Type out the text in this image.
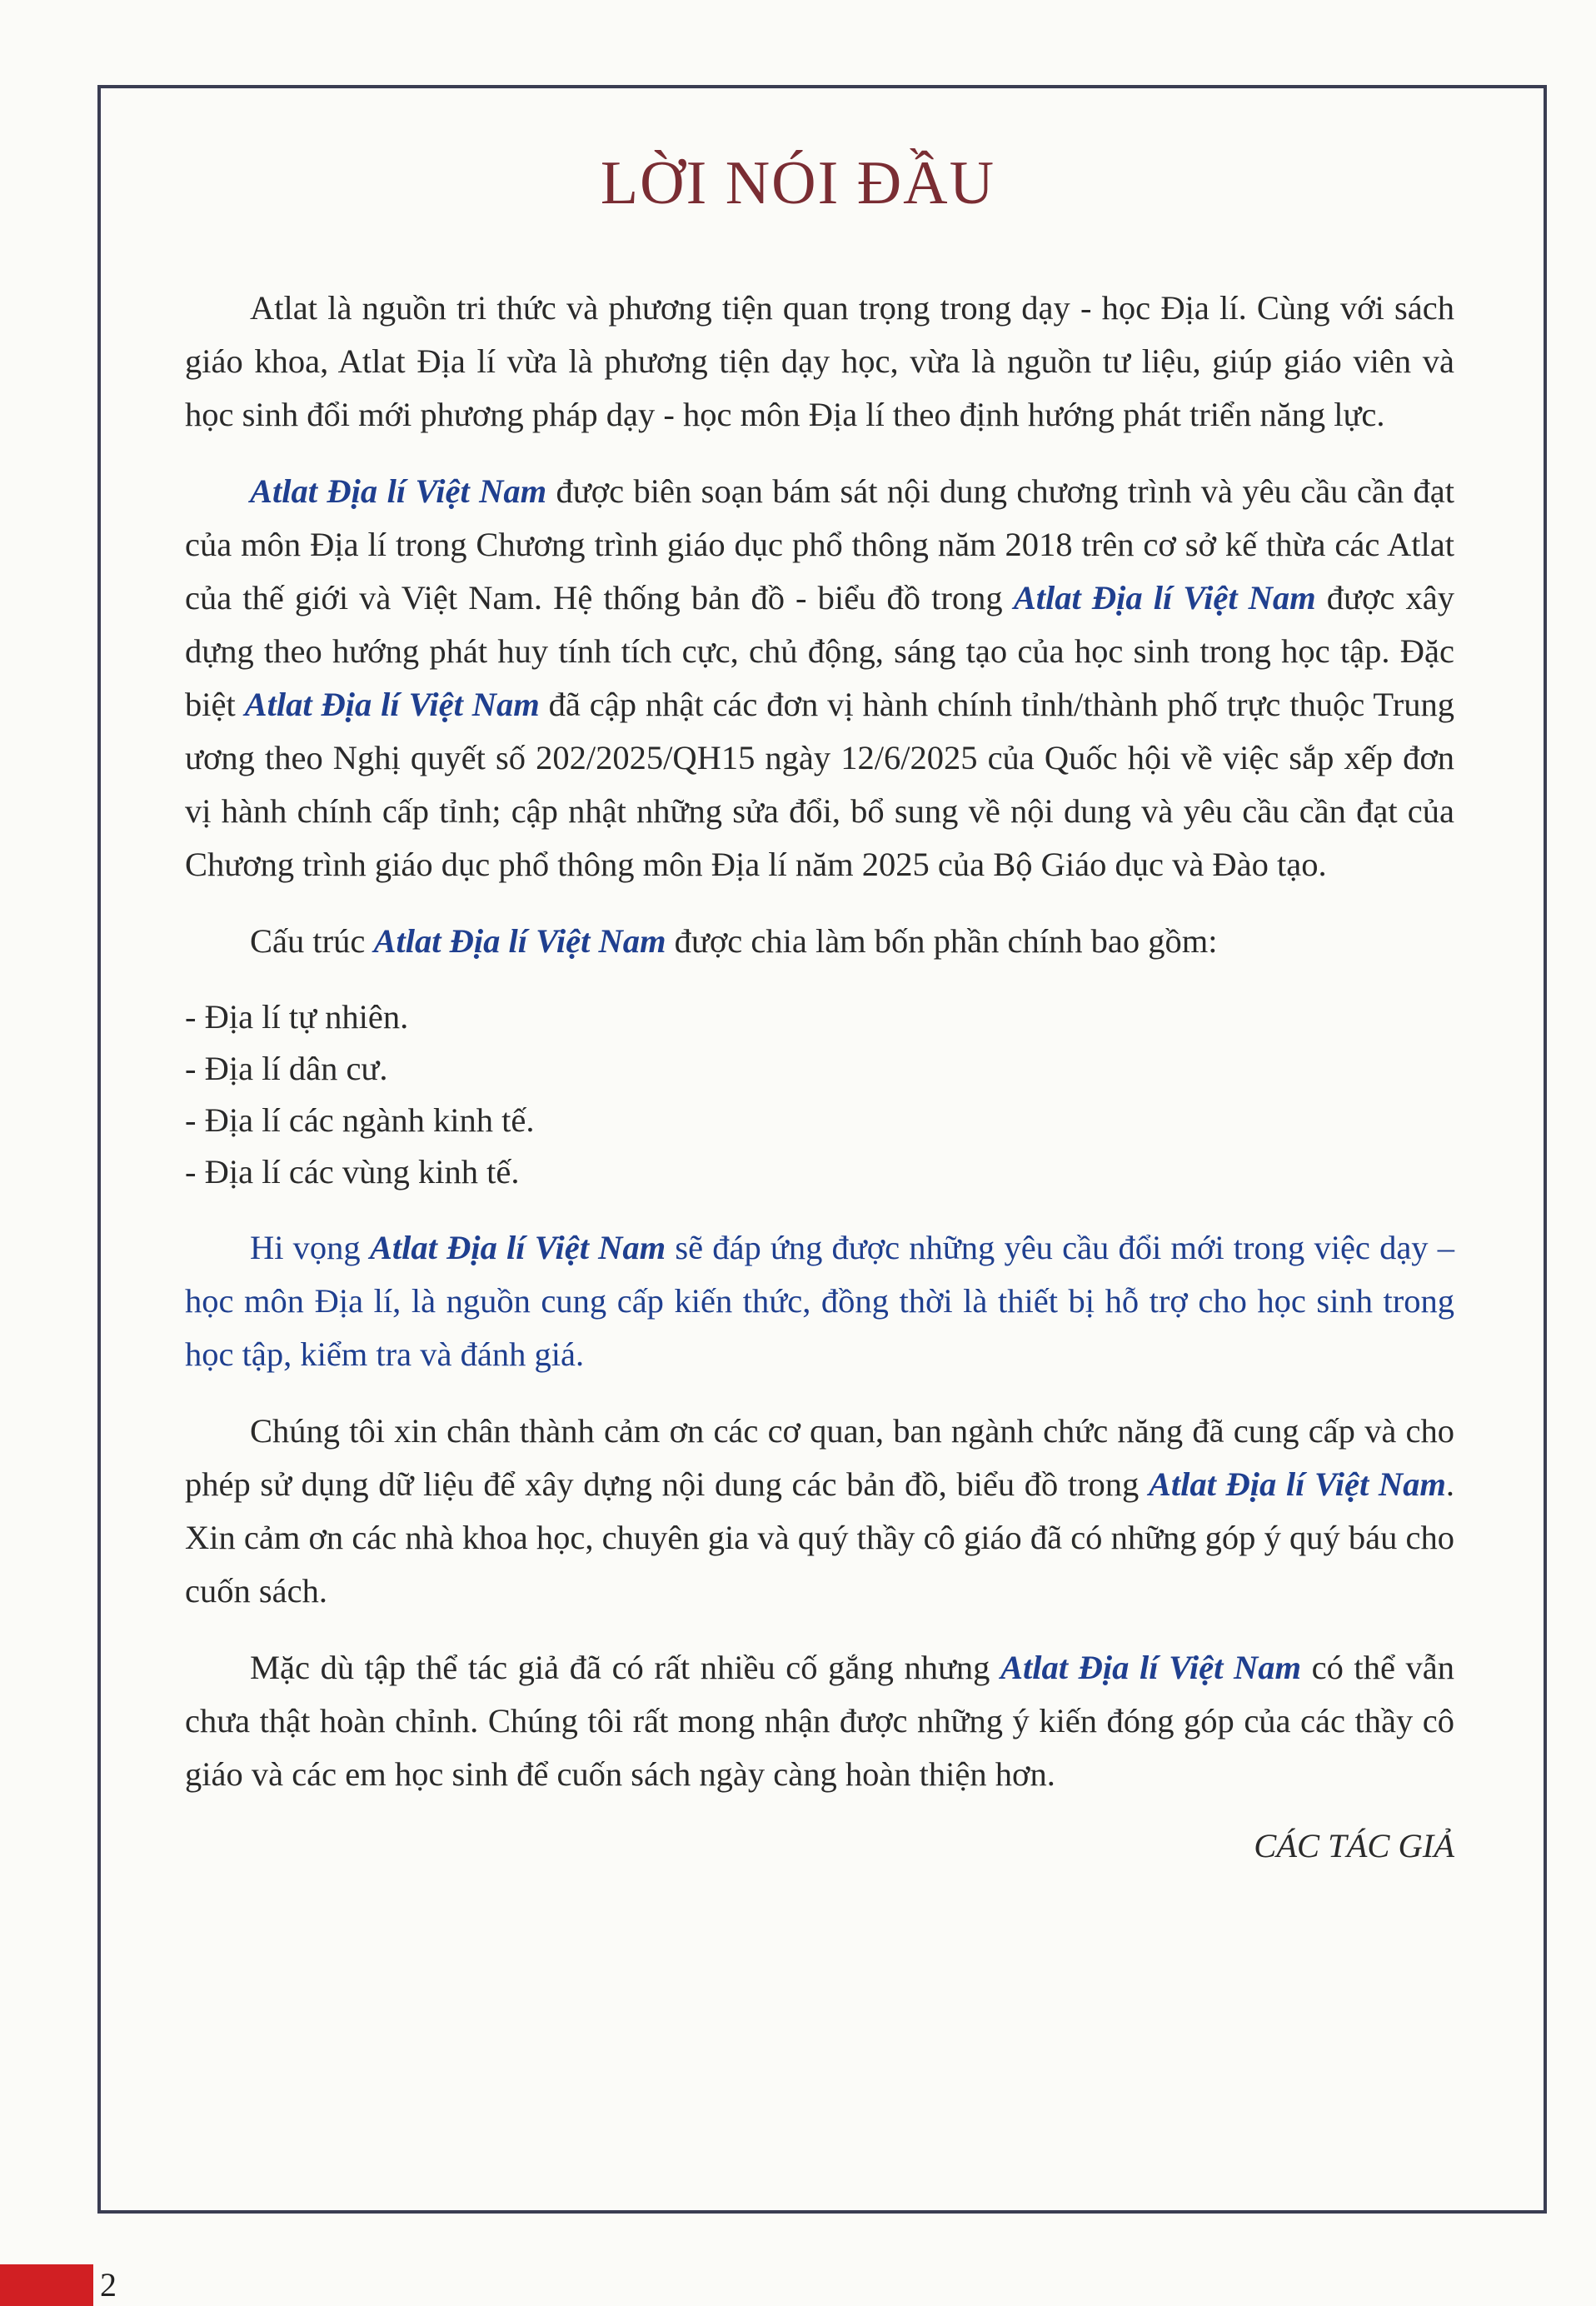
LỜI NÓI ĐẦU

Atlat là nguồn tri thức và phương tiện quan trọng trong dạy - học Địa lí. Cùng với sách giáo khoa, Atlat Địa lí vừa là phương tiện dạy học, vừa là nguồn tư liệu, giúp giáo viên và học sinh đổi mới phương pháp dạy - học môn Địa lí theo định hướng phát triển năng lực.

Atlat Địa lí Việt Nam được biên soạn bám sát nội dung chương trình và yêu cầu cần đạt của môn Địa lí trong Chương trình giáo dục phổ thông năm 2018 trên cơ sở kế thừa các Atlat của thế giới và Việt Nam. Hệ thống bản đồ - biểu đồ trong Atlat Địa lí Việt Nam được xây dựng theo hướng phát huy tính tích cực, chủ động, sáng tạo của học sinh trong học tập. Đặc biệt Atlat Địa lí Việt Nam đã cập nhật các đơn vị hành chính tỉnh/thành phố trực thuộc Trung ương theo Nghị quyết số 202/2025/QH15 ngày 12/6/2025 của Quốc hội về việc sắp xếp đơn vị hành chính cấp tỉnh; cập nhật những sửa đổi, bổ sung về nội dung và yêu cầu cần đạt của Chương trình giáo dục phổ thông môn Địa lí năm 2025 của Bộ Giáo dục và Đào tạo.

Cấu trúc Atlat Địa lí Việt Nam được chia làm bốn phần chính bao gồm:

- Địa lí tự nhiên.
- Địa lí dân cư.
- Địa lí các ngành kinh tế.
- Địa lí các vùng kinh tế.

Hi vọng Atlat Địa lí Việt Nam sẽ đáp ứng được những yêu cầu đổi mới trong việc dạy – học môn Địa lí, là nguồn cung cấp kiến thức, đồng thời là thiết bị hỗ trợ cho học sinh trong học tập, kiểm tra và đánh giá.

Chúng tôi xin chân thành cảm ơn các cơ quan, ban ngành chức năng đã cung cấp và cho phép sử dụng dữ liệu để xây dựng nội dung các bản đồ, biểu đồ trong Atlat Địa lí Việt Nam. Xin cảm ơn các nhà khoa học, chuyên gia và quý thầy cô giáo đã có những góp ý quý báu cho cuốn sách.

Mặc dù tập thể tác giả đã có rất nhiều cố gắng nhưng Atlat Địa lí Việt Nam có thể vẫn chưa thật hoàn chỉnh. Chúng tôi rất mong nhận được những ý kiến đóng góp của các thầy cô giáo và các em học sinh để cuốn sách ngày càng hoàn thiện hơn.

CÁC TÁC GIẢ
2
